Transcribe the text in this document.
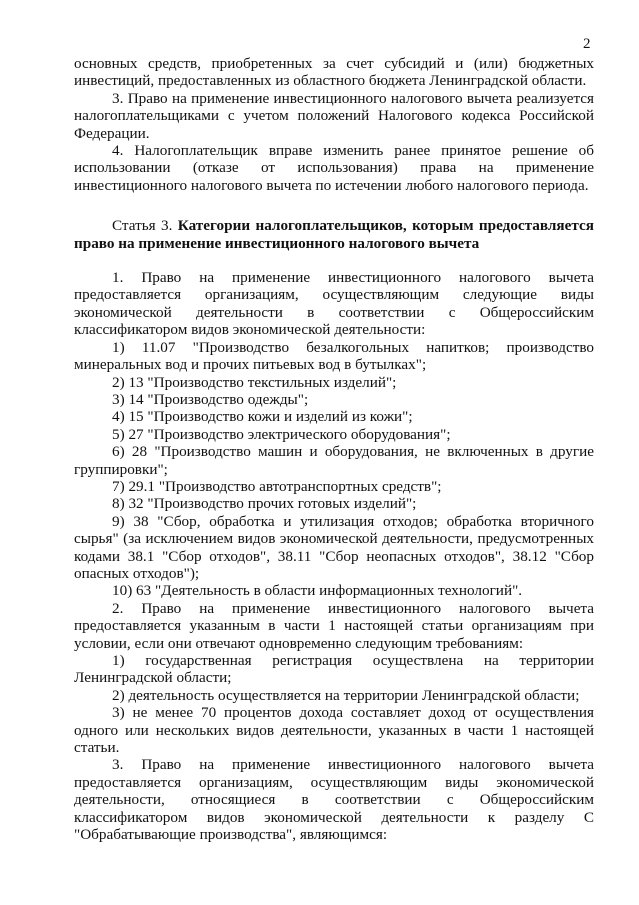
2

основных средств, приобретенных за счет субсидий и (или) бюджетных инвестиций, предоставленных из областного бюджета Ленинградской области.

3. Право на применение инвестиционного налогового вычета реализуется налогоплательщиками с учетом положений Налогового кодекса Российской Федерации.

4. Налогоплательщик вправе изменить ранее принятое решение об использовании (отказе от использования) права на применение инвестиционного налогового вычета по истечении любого налогового периода.

Статья 3. Категории налогоплательщиков, которым предоставляется право на применение инвестиционного налогового вычета

1. Право на применение инвестиционного налогового вычета предоставляется организациям, осуществляющим следующие виды экономической деятельности в соответствии с Общероссийским классификатором видов экономической деятельности:

1) 11.07 "Производство безалкогольных напитков; производство минеральных вод и прочих питьевых вод в бутылках";

2) 13 "Производство текстильных изделий";

3) 14 "Производство одежды";

4) 15 "Производство кожи и изделий из кожи";

5) 27 "Производство электрического оборудования";

6) 28 "Производство машин и оборудования, не включенных в другие группировки";

7) 29.1 "Производство автотранспортных средств";

8) 32 "Производство прочих готовых изделий";

9) 38 "Сбор, обработка и утилизация отходов; обработка вторичного сырья" (за исключением видов экономической деятельности, предусмотренных кодами 38.1 "Сбор отходов", 38.11 "Сбор неопасных отходов", 38.12 "Сбор опасных отходов");

10) 63 "Деятельность в области информационных технологий".

2. Право на применение инвестиционного налогового вычета предоставляется указанным в части 1 настоящей статьи организациям при условии, если они отвечают одновременно следующим требованиям:

1) государственная регистрация осуществлена на территории Ленинградской области;

2) деятельность осуществляется на территории Ленинградской области;

3) не менее 70 процентов дохода составляет доход от осуществления одного или нескольких видов деятельности, указанных в части 1 настоящей статьи.

3. Право на применение инвестиционного налогового вычета предоставляется организациям, осуществляющим виды экономической деятельности, относящиеся в соответствии с Общероссийским классификатором видов экономической деятельности к разделу С "Обрабатывающие производства", являющимся:
